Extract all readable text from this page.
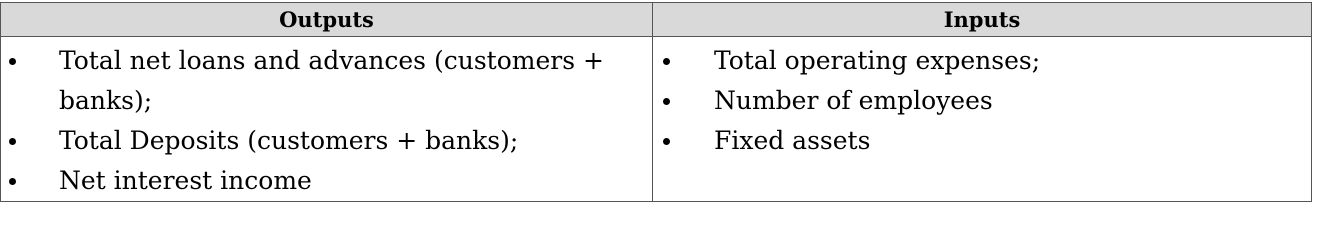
Outputs	Inputs
Total net loans and advances (customers + banks);
Total Deposits (customers + banks);
Net interest income
Total operating expenses;
Number of employees
Fixed assets
